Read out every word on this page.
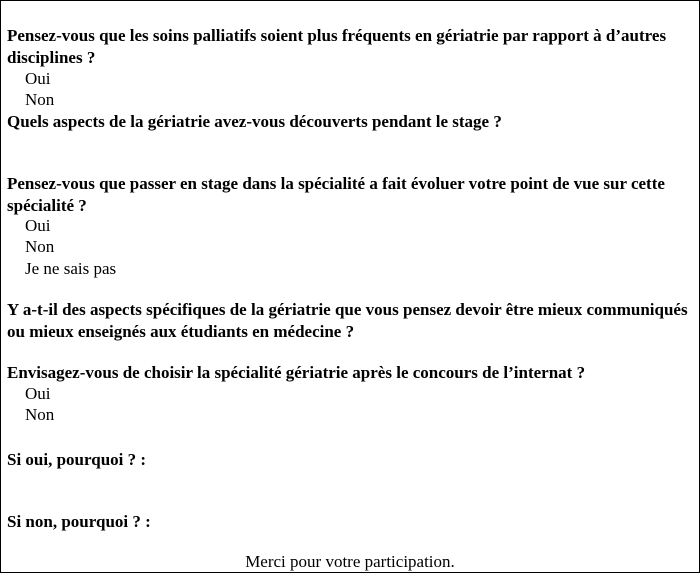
Pensez-vous que les soins palliatifs soient plus fréquents en gériatrie par rapport à d’autres disciplines ?
Oui
Non
Quels aspects de la gériatrie avez-vous découverts pendant le stage ?
Pensez-vous que passer en stage dans la spécialité a fait évoluer votre point de vue sur cette spécialité ?
Oui
Non
Je ne sais pas
Y a-t-il des aspects spécifiques de la gériatrie que vous pensez devoir être mieux communiqués ou mieux enseignés aux étudiants en médecine ?
Envisagez-vous de choisir la spécialité gériatrie après le concours de l’internat ?
Oui
Non
Si oui, pourquoi ? :
Si non, pourquoi ? :
Merci pour votre participation.
